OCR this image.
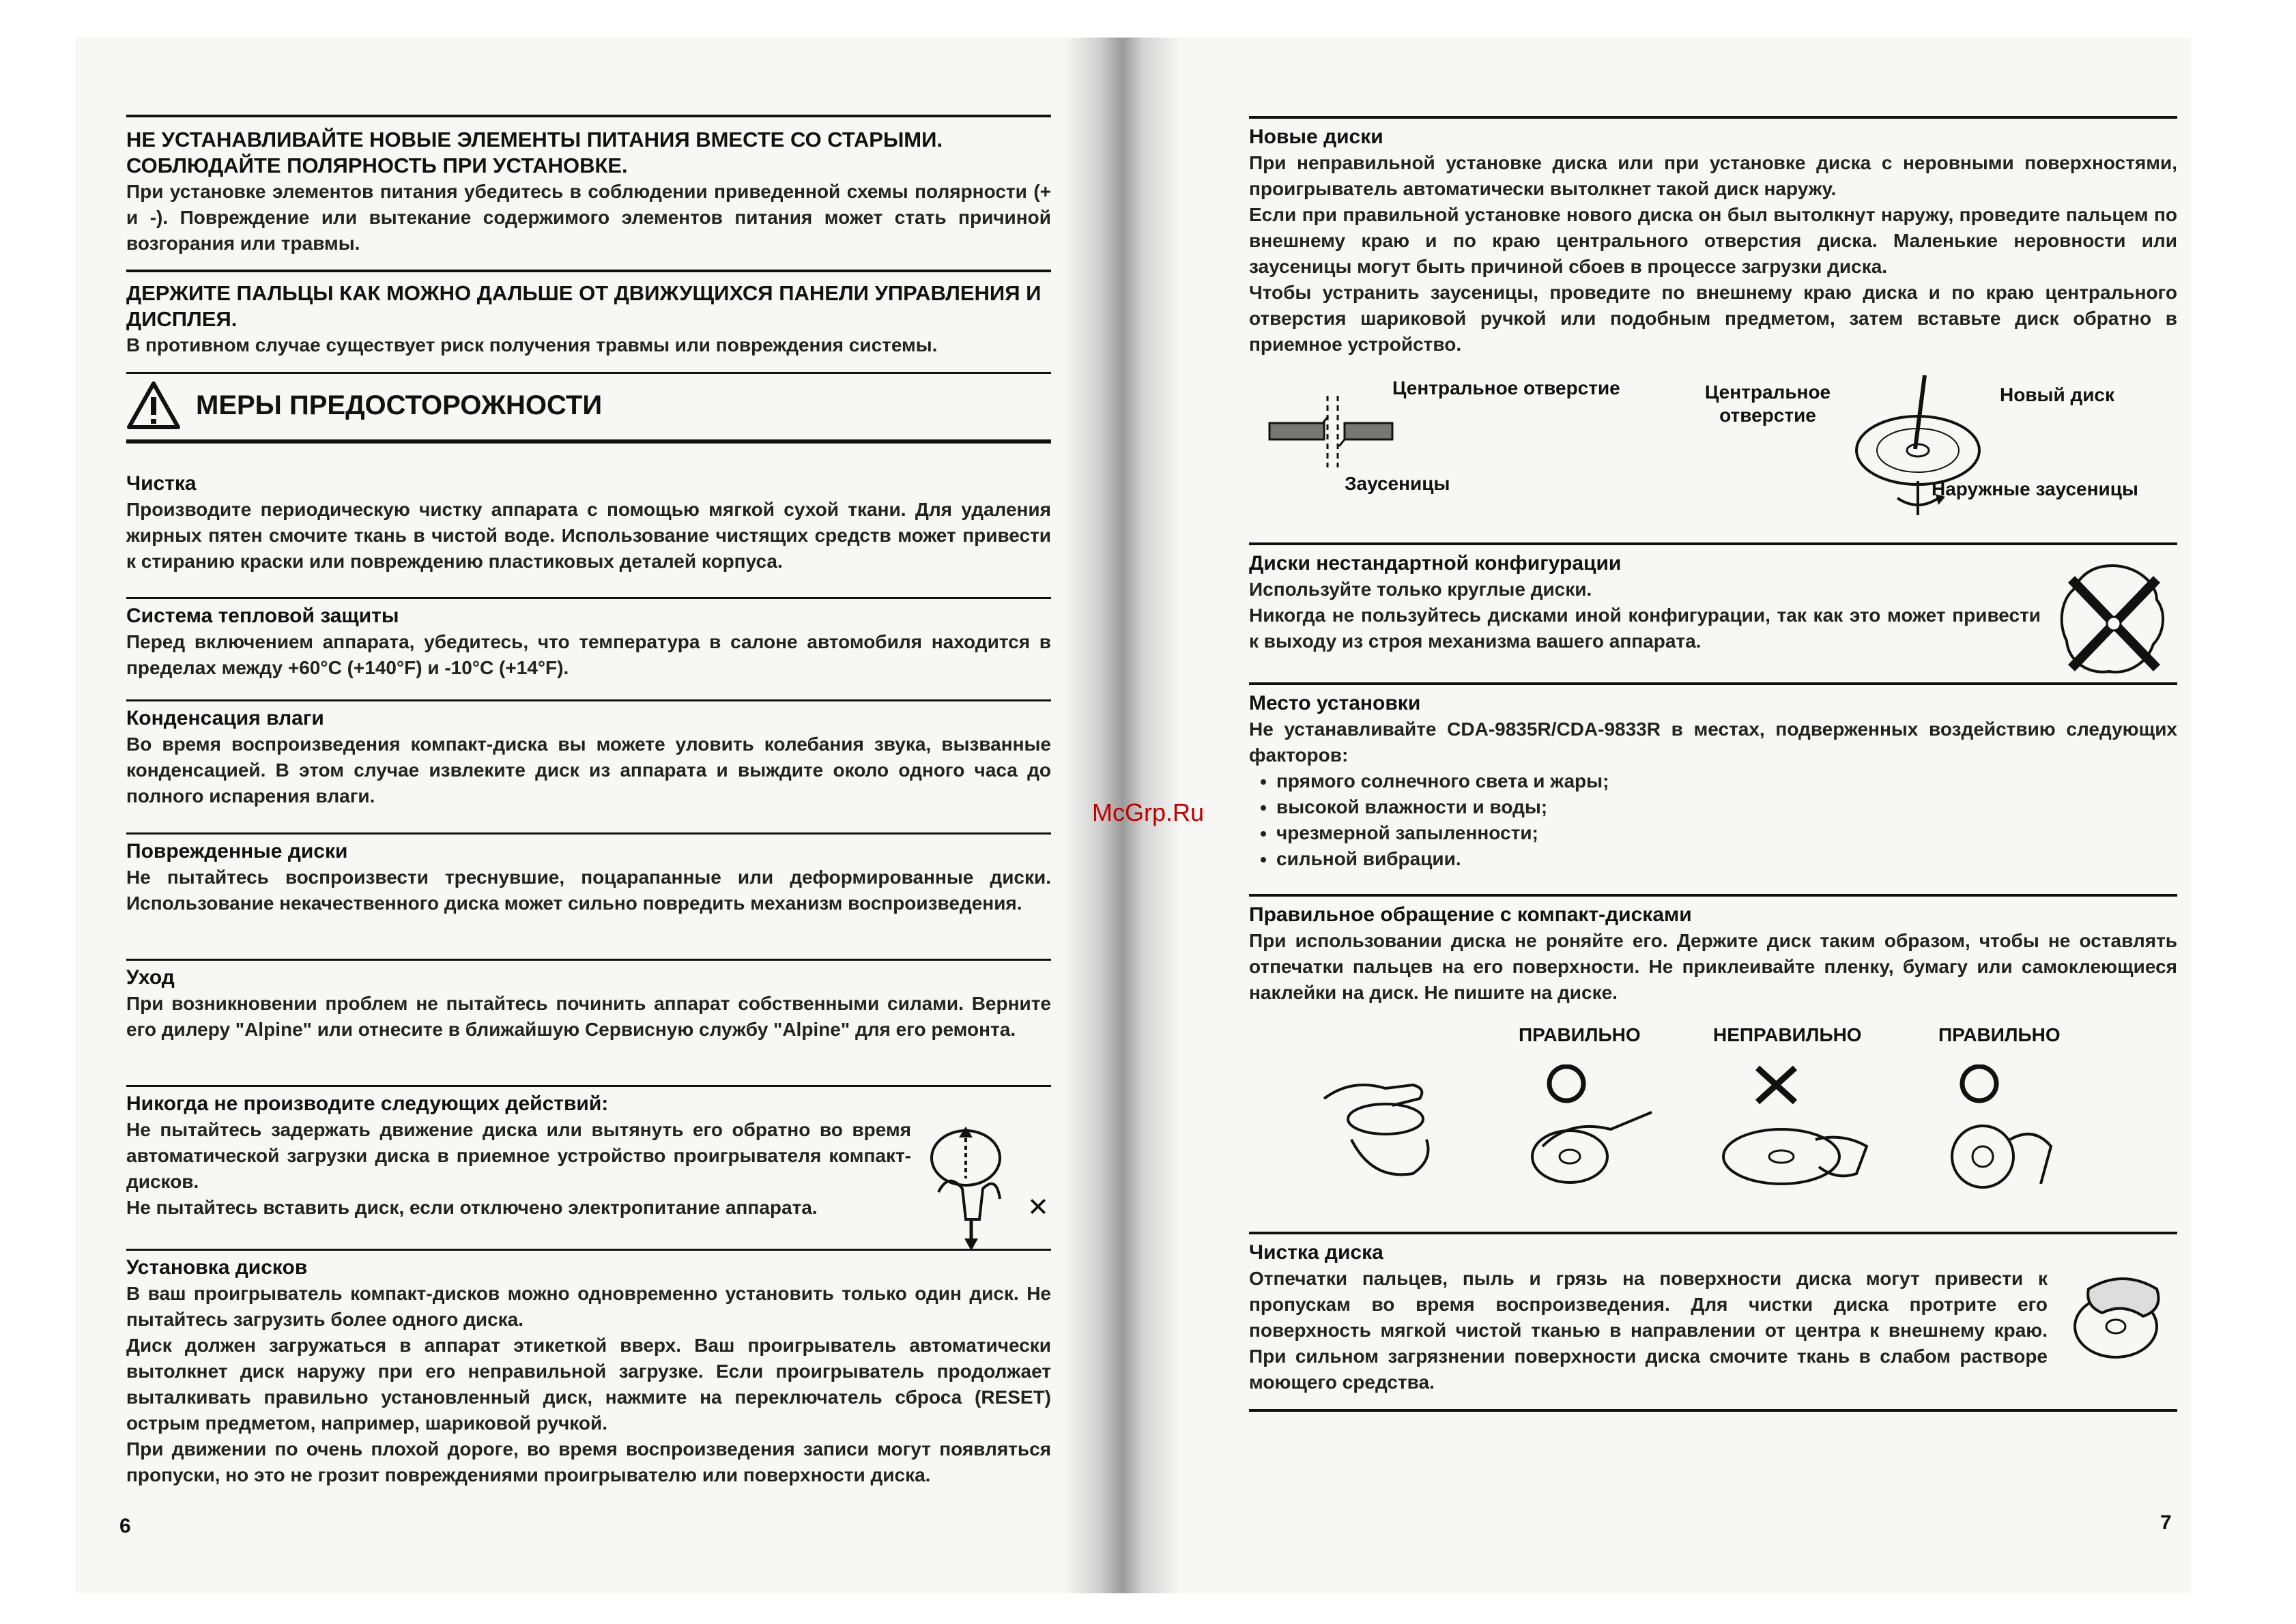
НЕ УСТАНАВЛИВАЙТЕ НОВЫЕ ЭЛЕМЕНТЫ ПИТАНИЯ ВМЕСТЕ СО СТАРЫМИ. СОБЛЮДАЙТЕ ПОЛЯРНОСТЬ ПРИ УСТАНОВКЕ.

При установке элементов питания убедитесь в соблюдении приведенной схемы полярности (+ и -). Повреждение или вытекание содержимого элементов питания может стать причиной возгорания или травмы.

ДЕРЖИТЕ ПАЛЬЦЫ КАК МОЖНО ДАЛЬШЕ ОТ ДВИЖУЩИХСЯ ПАНЕЛИ УПРАВЛЕНИЯ И ДИСПЛЕЯ.

В противном случае существует риск получения травмы или повреждения системы.

МЕРЫ ПРЕДОСТОРОЖНОСТИ

Чистка

Производите периодическую чистку аппарата с помощью мягкой сухой ткани. Для удаления жирных пятен смочите ткань в чистой воде. Использование чистящих средств может привести к стиранию краски или повреждению пластиковых деталей корпуса.

Система тепловой защиты

Перед включением аппарата, убедитесь, что температура в салоне автомобиля находится в пределах между +60°C (+140°F) и -10°C (+14°F).

Конденсация влаги

Во время воспроизведения компакт-диска вы можете уловить колебания звука, вызванные конденсацией. В этом случае извлеките диск из аппарата и выждите около одного часа до полного испарения влаги.

Поврежденные диски

Не пытайтесь воспроизвести треснувшие, поцарапанные или деформированные диски. Использование некачественного диска может сильно повредить механизм воспроизведения.

Уход

При возникновении проблем не пытайтесь починить аппарат собственными силами. Верните его дилеру "Alpine" или отнесите в ближайшую Сервисную службу "Alpine" для его ремонта.

Никогда не производите следующих действий:

Не пытайтесь задержать движение диска или вытянуть его обратно во время автоматической загрузки диска в приемное устройство проигрывателя компакт-дисков.

Не пытайтесь вставить диск, если отключено электропитание аппарата.	✕

Установка дисков

В ваш проигрыватель компакт-дисков можно одновременно установить только один диск. Не пытайтесь загрузить более одного диска.

Диск должен загружаться в аппарат этикеткой вверх. Ваш проигрыватель автоматически вытолкнет диск наружу при его неправильной загрузке. Если проигрыватель продолжает выталкивать правильно установленный диск, нажмите на переключатель сброса (RESET) острым предметом, например, шариковой ручкой.

При движении по очень плохой дороге, во время воспроизведения записи могут появляться пропуски, но это не грозит повреждениями проигрывателю или поверхности диска.

6
McGrp.Ru

Новые диски

При неправильной установке диска или при установке диска с неровными поверхностями, проигрыватель автоматически вытолкнет такой диск наружу.

Если при правильной установке нового диска он был вытолкнут наружу, проведите пальцем по внешнему краю и по краю центрального отверстия диска. Маленькие неровности или заусеницы могут быть причиной сбоев в процессе загрузки диска.

Чтобы устранить заусеницы, проведите по внешнему краю диска и по краю центрального отверстия шариковой ручкой или подобным предметом, затем вставьте диск обратно в приемное устройство.

Центральное отверстие
Заусеницы
Центральное отверстие
Новый диск
Наружные заусеницы

Диски нестандартной конфигурации

Используйте только круглые диски.

Никогда не пользуйтесь дисками иной конфигурации, так как это может привести к выходу из строя механизма вашего аппарата.

Место установки

Не устанавливайте CDA-9835R/CDA-9833R в местах, подверженных воздействию следующих факторов:

• прямого солнечного света и жары;
• высокой влажности и воды;
• чрезмерной запыленности;
• сильной вибрации.

Правильное обращение с компакт-дисками

При использовании диска не роняйте его. Держите диск таким образом, чтобы не оставлять отпечатки пальцев на его поверхности. Не приклеивайте пленку, бумагу или самоклеющиеся наклейки на диск. Не пишите на диске.

ПРАВИЛЬНО	НЕПРАВИЛЬНО	ПРАВИЛЬНО

Чистка диска

Отпечатки пальцев, пыль и грязь на поверхности диска могут привести к пропускам во время воспроизведения. Для чистки диска протрите его поверхность мягкой чистой тканью в направлении от центра к внешнему краю. При сильном загрязнении поверхности диска смочите ткань в слабом растворе моющего средства.

7
